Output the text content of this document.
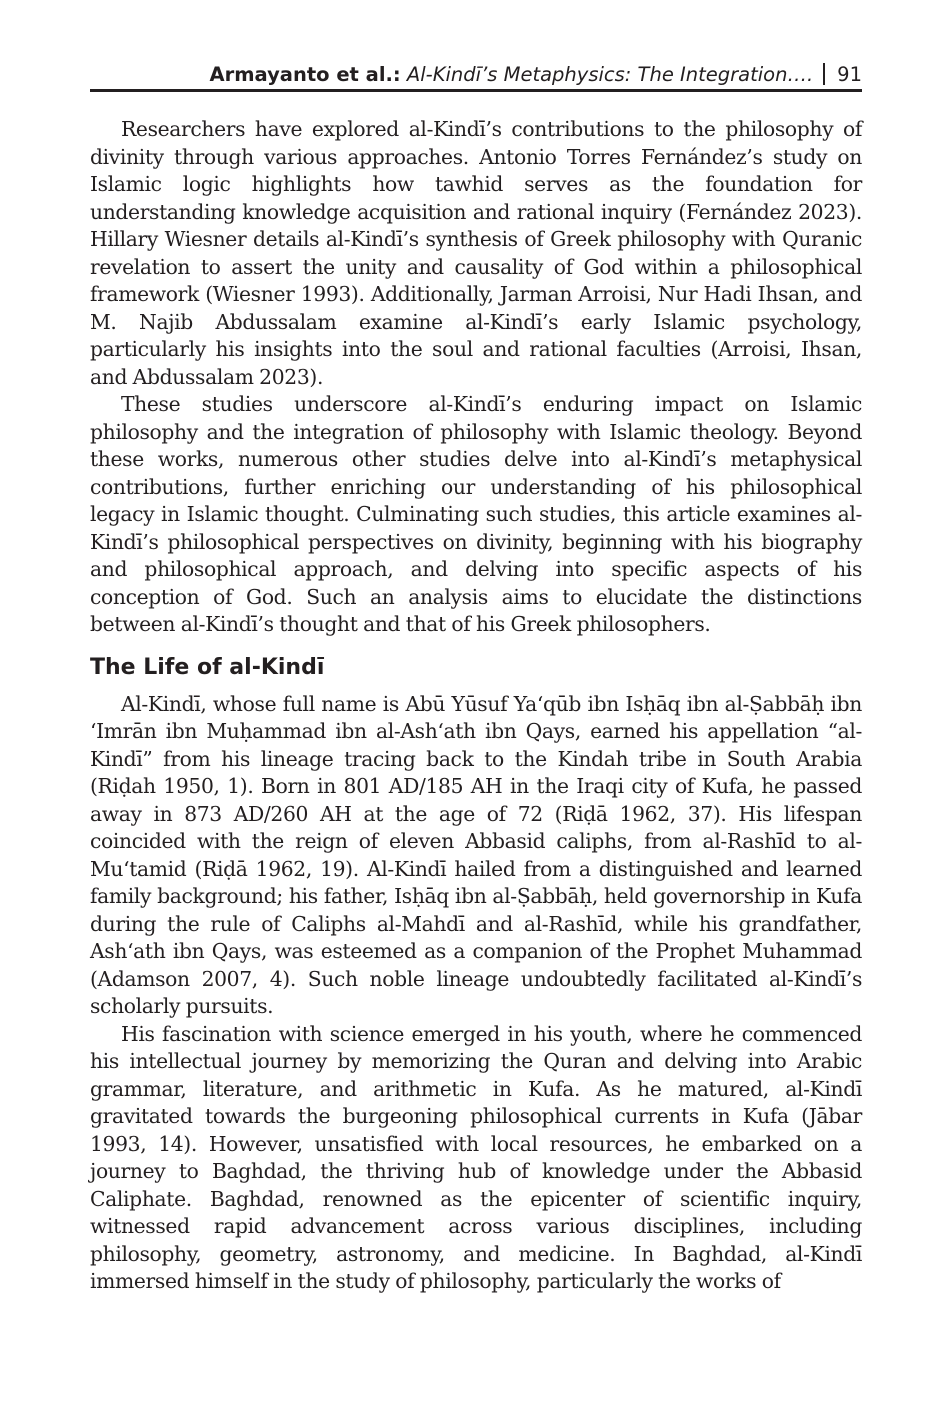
Armayanto et al.: Al-Kindī’s Metaphysics: The Integration…. 91

Researchers have explored al-Kindī’s contributions to the philosophy of divinity through various approaches. Antonio Torres Fernández’s study on Islamic logic highlights how tawhid serves as the foundation for understanding knowledge acquisition and rational inquiry (Fernández 2023). Hillary Wiesner details al-Kindī’s synthesis of Greek philosophy with Quranic revelation to assert the unity and causality of God within a philosophical framework (Wiesner 1993). Additionally, Jarman Arroisi, Nur Hadi Ihsan, and M. Najib Abdussalam examine al-Kindī’s early Islamic psychology, particularly his insights into the soul and rational faculties (Arroisi, Ihsan, and Abdussalam 2023).

These studies underscore al-Kindī’s enduring impact on Islamic philosophy and the integration of philosophy with Islamic theology. Beyond these works, numerous other studies delve into al-Kindī’s metaphysical contributions, further enriching our understanding of his philosophical legacy in Islamic thought. Culminating such studies, this article examines al-Kindī’s philosophical perspectives on divinity, beginning with his biography and philosophical approach, and delving into specific aspects of his conception of God. Such an analysis aims to elucidate the distinctions between al-Kindī’s thought and that of his Greek philosophers.

The Life of al-Kindī

Al-Kindī, whose full name is Abū Yūsuf Ya‘qūb ibn Isḥāq ibn al-Ṣabbāḥ ibn ‘Imrān ibn Muḥammad ibn al-Ash‘ath ibn Qays, earned his appellation “al-Kindī” from his lineage tracing back to the Kindah tribe in South Arabia (Riḍah 1950, 1). Born in 801 AD/185 AH in the Iraqi city of Kufa, he passed away in 873 AD/260 AH at the age of 72 (Riḍā 1962, 37). His lifespan coincided with the reign of eleven Abbasid caliphs, from al-Rashīd to al-Mu‘tamid (Riḍā 1962, 19). Al-Kindī hailed from a distinguished and learned family background; his father, Isḥāq ibn al-Ṣabbāḥ, held governorship in Kufa during the rule of Caliphs al-Mahdī and al-Rashīd, while his grandfather, Ash‘ath ibn Qays, was esteemed as a companion of the Prophet Muhammad (Adamson 2007, 4). Such noble lineage undoubtedly facilitated al-Kindī’s scholarly pursuits.

His fascination with science emerged in his youth, where he commenced his intellectual journey by memorizing the Quran and delving into Arabic grammar, literature, and arithmetic in Kufa. As he matured, al-Kindī gravitated towards the burgeoning philosophical currents in Kufa (Jābar 1993, 14). However, unsatisfied with local resources, he embarked on a journey to Baghdad, the thriving hub of knowledge under the Abbasid Caliphate. Baghdad, renowned as the epicenter of scientific inquiry, witnessed rapid advancement across various disciplines, including philosophy, geometry, astronomy, and medicine. In Baghdad, al-Kindī immersed himself in the study of philosophy, particularly the works of
